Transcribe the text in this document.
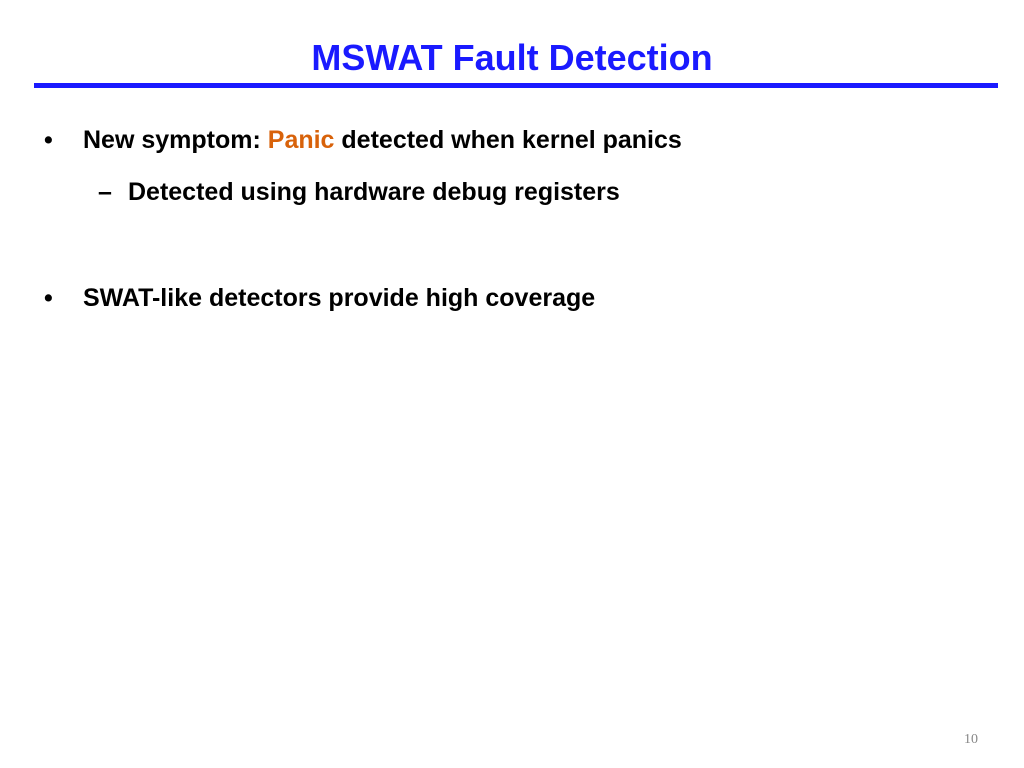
MSWAT Fault Detection
• New symptom: Panic detected when kernel panics
– Detected using hardware debug registers
• SWAT-like detectors provide high coverage
10
